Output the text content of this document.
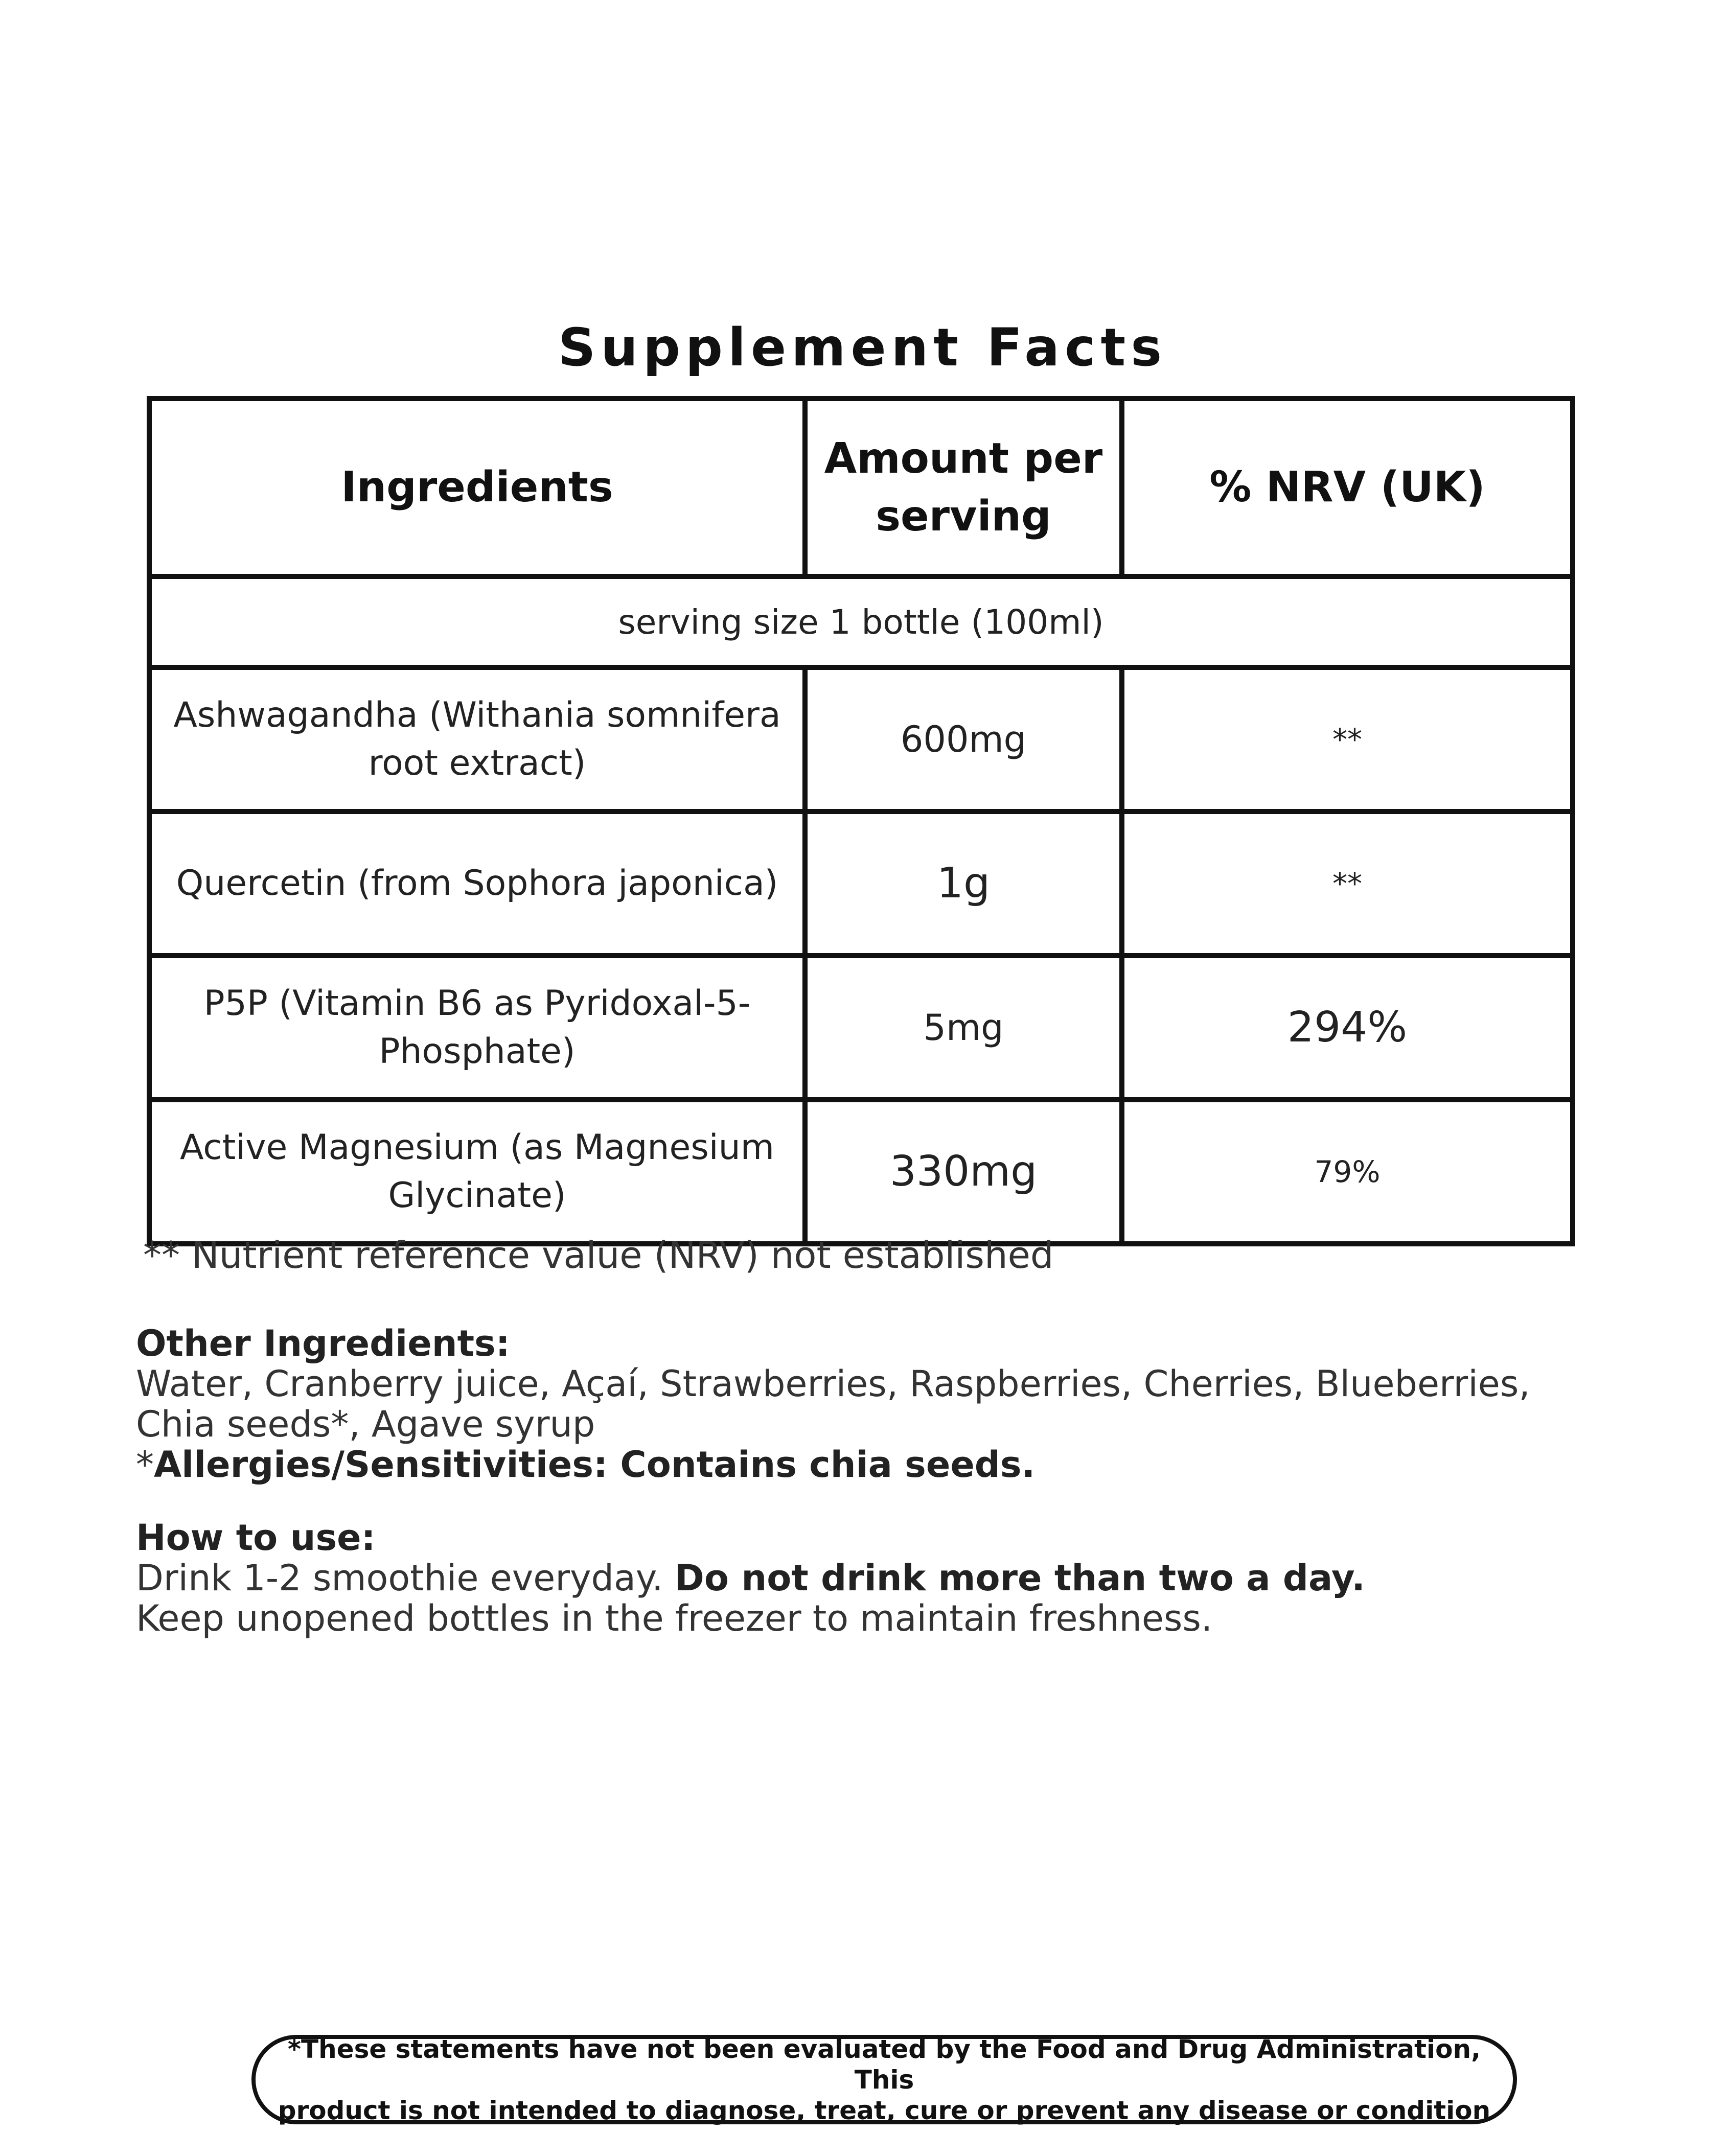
Supplement Facts
Ingredients	Amount per serving	% NRV (UK)
serving size 1 bottle (100ml)		
Ashwagandha (Withania somnifera root extract)	600mg	**
Quercetin (from Sophora japonica)	1g	**
P5P (Vitamin B6 as Pyridoxal-5-Phosphate)	5mg	294%
Active Magnesium (as Magnesium Glycinate)	330mg	79%
** Nutrient reference value (NRV) not established
Other Ingredients:
Water, Cranberry juice, Açaí, Strawberries, Raspberries, Cherries, Blueberries,
Chia seeds*, Agave syrup
*Allergies/Sensitivities: Contains chia seeds.
How to use:
Drink 1-2 smoothie everyday. Do not drink more than two a day.
Keep unopened bottles in the freezer to maintain freshness.
*These statements have not been evaluated by the Food and Drug Administration, This
product is not intended to diagnose, treat, cure or prevent any disease or condition
